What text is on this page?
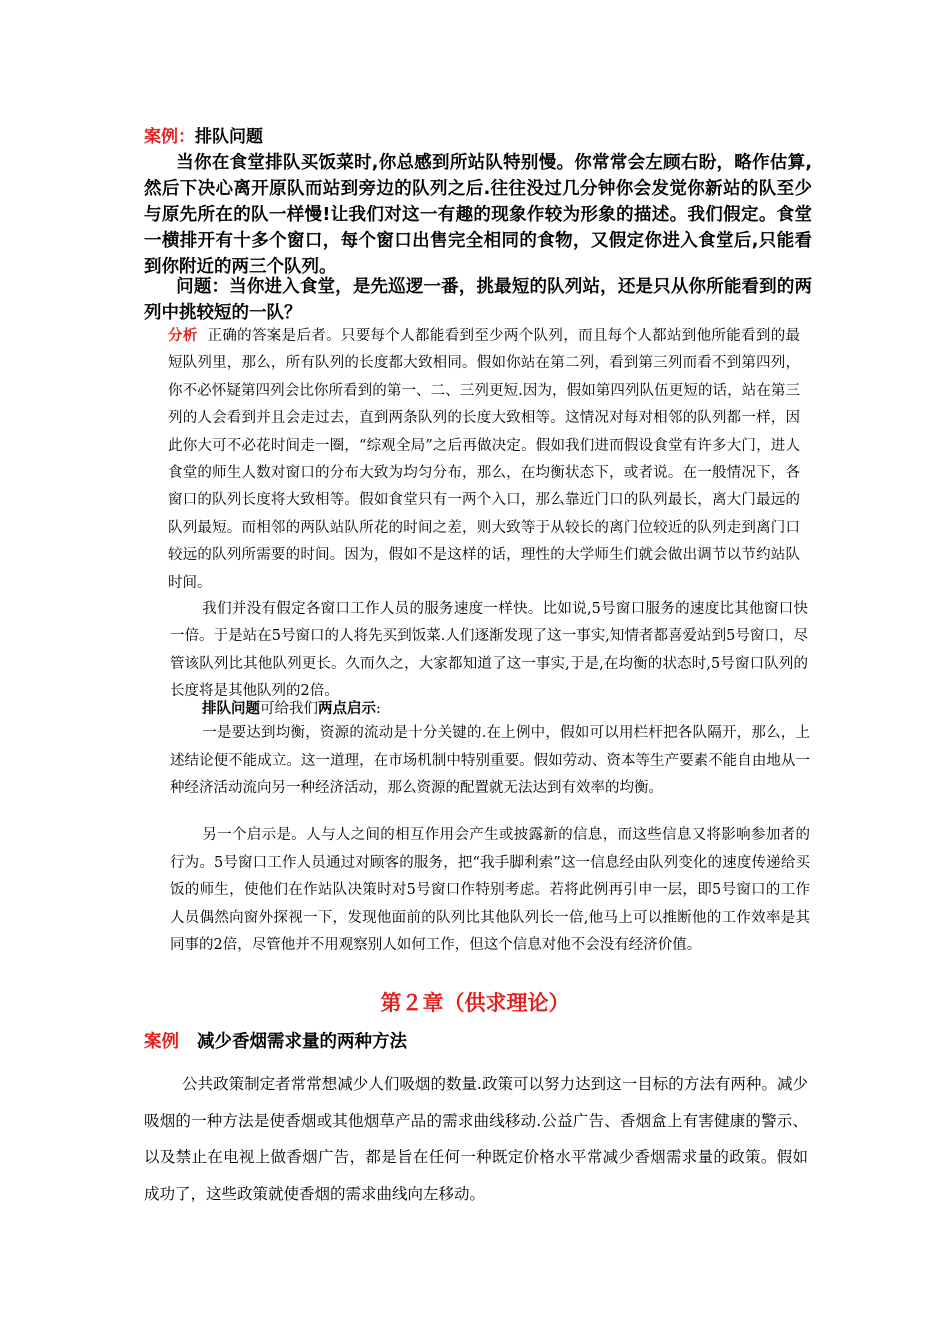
案例：排队问题

当你在食堂排队买饭菜时,你总感到所站队特别慢。你常常会左顾右盼，略作估算,然后下决心离开原队而站到旁边的队列之后.往往没过几分钟你会发觉你新站的队至少与原先所在的队一样慢!让我们对这一有趣的现象作较为形象的描述。我们假定。食堂一横排开有十多个窗口，每个窗口出售完全相同的食物，又假定你进入食堂后,只能看到你附近的两三个队列。

问题：当你进入食堂，是先巡逻一番，挑最短的队列站，还是只从你所能看到的两列中挑较短的一队？

分析 正确的答案是后者。只要每个人都能看到至少两个队列，而且每个人都站到他所能看到的最短队列里，那么，所有队列的长度都大致相同。假如你站在第二列，看到第三列而看不到第四列，你不必怀疑第四列会比你所看到的第一、二、三列更短.因为，假如第四列队伍更短的话，站在第三列的人会看到并且会走过去，直到两条队列的长度大致相等。这情况对每对相邻的队列都一样，因此你大可不必花时间走一圈，“综观全局”之后再做决定。假如我们进而假设食堂有许多大门，进人食堂的师生人数对窗口的分布大致为均匀分布，那么，在均衡状态下，或者说。在一般情况下，各窗口的队列长度将大致相等。假如食堂只有一两个入口，那么靠近门口的队列最长，离大门最远的队列最短。而相邻的两队站队所花的时间之差，则大致等于从较长的离门位较近的队列走到离门口较远的队列所需要的时间。因为，假如不是这样的话，理性的大学师生们就会做出调节以节约站队时间。

我们并没有假定各窗口工作人员的服务速度一样快。比如说,5号窗口服务的速度比其他窗口快一倍。于是站在5号窗口的人将先买到饭菜.人们逐渐发现了这一事实,知情者都喜爱站到5号窗口，尽管该队列比其他队列更长。久而久之，大家都知道了这一事实,于是,在均衡的状态时,5号窗口队列的长度将是其他队列的2倍。

排队问题可给我们两点启示:

一是要达到均衡，资源的流动是十分关键的.在上例中，假如可以用栏杆把各队隔开，那么，上述结论便不能成立。这一道理，在市场机制中特别重要。假如劳动、资本等生产要素不能自由地从一种经济活动流向另一种经济活动，那么资源的配置就无法达到有效率的均衡。

另一个启示是。人与人之间的相互作用会产生或披露新的信息，而这些信息又将影响参加者的行为。5号窗口工作人员通过对顾客的服务，把“我手脚利索”这一信息经由队列变化的速度传递给买饭的师生，使他们在作站队决策时对5号窗口作特别考虑。若将此例再引申一层，即5号窗口的工作人员偶然向窗外探视一下，发现他面前的队列比其他队列长一倍,他马上可以推断他的工作效率是其同事的2倍，尽管他并不用观察别人如何工作，但这个信息对他不会没有经济价值。

第２章（供求理论）
案例 减少香烟需求量的两种方法

公共政策制定者常常想减少人们吸烟的数量.政策可以努力达到这一目标的方法有两种。减少吸烟的一种方法是使香烟或其他烟草产品的需求曲线移动.公益广告、香烟盒上有害健康的警示、以及禁止在电视上做香烟广告，都是旨在任何一种既定价格水平常减少香烟需求量的政策。假如成功了，这些政策就使香烟的需求曲线向左移动。
